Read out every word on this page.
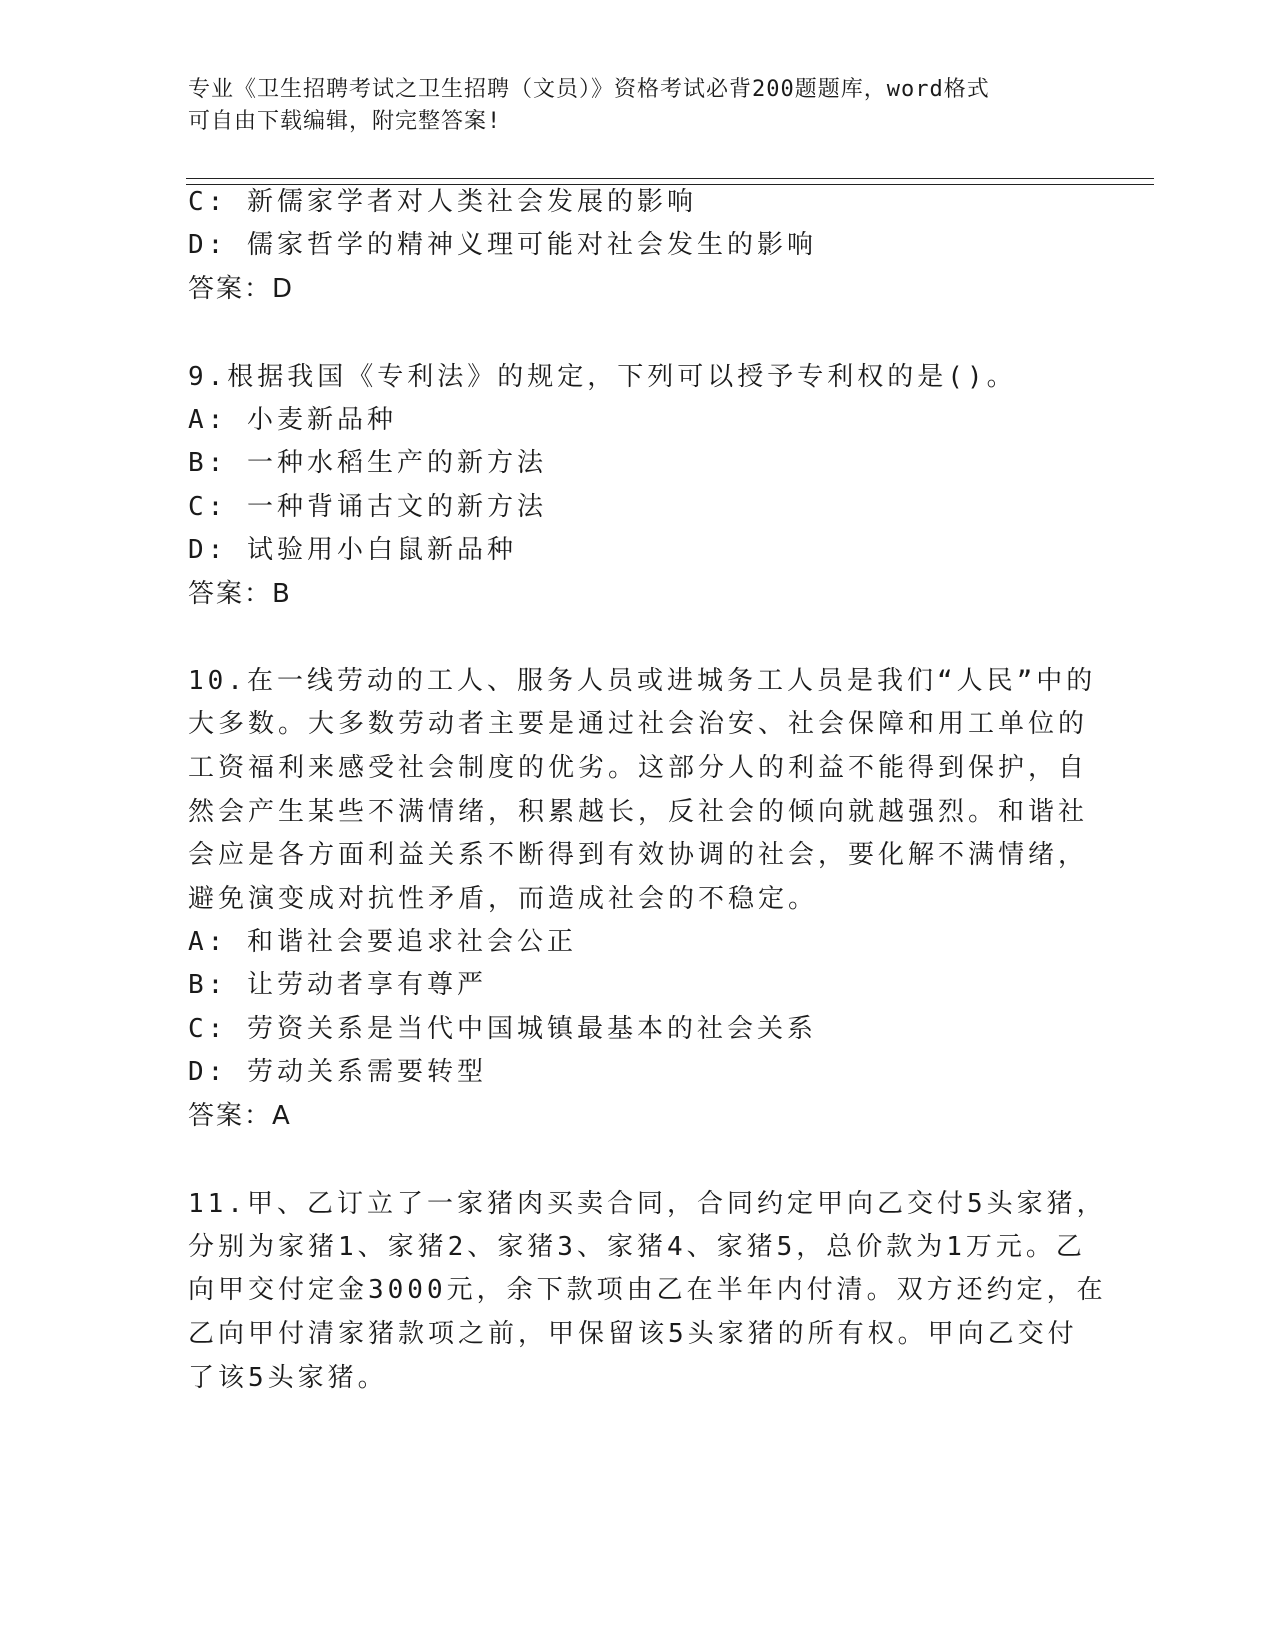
专业《卫生招聘考试之卫生招聘（文员）》资格考试必背200题题库，word格式
可自由下载编辑，附完整答案!
C: 新儒家学者对人类社会发展的影响
D: 儒家哲学的精神义理可能对社会发生的影响
答案：D
9.根据我国《专利法》的规定，下列可以授予专利权的是()。
A: 小麦新品种
B: 一种水稻生产的新方法
C: 一种背诵古文的新方法
D: 试验用小白鼠新品种
答案：B
10.在一线劳动的工人、服务人员或进城务工人员是我们“人民”中的
大多数。大多数劳动者主要是通过社会治安、社会保障和用工单位的
工资福利来感受社会制度的优劣。这部分人的利益不能得到保护，自
然会产生某些不满情绪，积累越长，反社会的倾向就越强烈。和谐社
会应是各方面利益关系不断得到有效协调的社会，要化解不满情绪，
避免演变成对抗性矛盾，而造成社会的不稳定。
A: 和谐社会要追求社会公正
B: 让劳动者享有尊严
C: 劳资关系是当代中国城镇最基本的社会关系
D: 劳动关系需要转型
答案：A
11.甲、乙订立了一家猪肉买卖合同，合同约定甲向乙交付5头家猪，
分别为家猪1、家猪2、家猪3、家猪4、家猪5，总价款为1万元。乙
向甲交付定金3000元，余下款项由乙在半年内付清。双方还约定，在
乙向甲付清家猪款项之前，甲保留该5头家猪的所有权。甲向乙交付
了该5头家猪。
